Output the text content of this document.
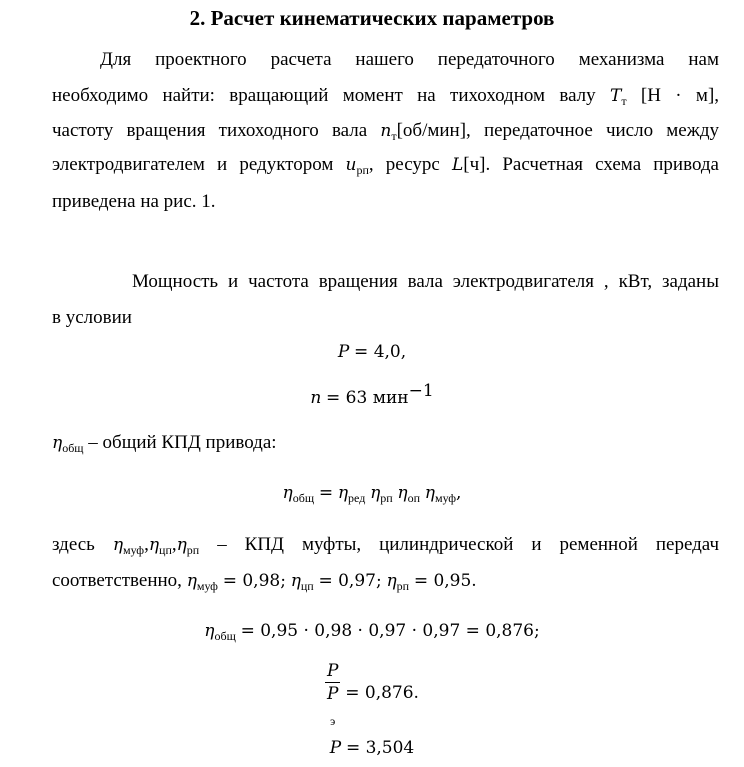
2. Расчет кинематических параметров
Для проектного расчета нашего передаточного механизма нам
необходимо найти: вращающий момент на тихоходном валу $T_т$ [Н · м],
частоту вращения тихоходного вала $n_т[об/мин]$, передаточное число между
электродвигателем и редуктором $u_{рп}$, ресурс L[ч]. Расчетная схема привода
приведена на рис. 1.
Мощность и частота вращения вала электродвигателя , кВт, заданы
в условии
P = 4,0,
n = 63 мин$^{-1}$
$\eta_{общ}$ – общий КПД привода:
$\eta_{общ} = \eta_{ред}$ $\eta_{рп}$ $\eta_{оп}$ $\eta_{муф}$,
здесь $\eta_{муф},\eta_{цп},\eta_{рп}$ – КПД муфты, цилиндрической и ременной передач
соответственно, $\eta_{муф} = 0,98$; $\eta_{цп} = 0,97$; $\eta_{рп} = 0,95$.
$\eta_{общ} = 0,95 \cdot 0,98 \cdot 0,97 \cdot 0,97 = 0,876$;
P
P
$_э$ = 0,876.
P = 3,504
